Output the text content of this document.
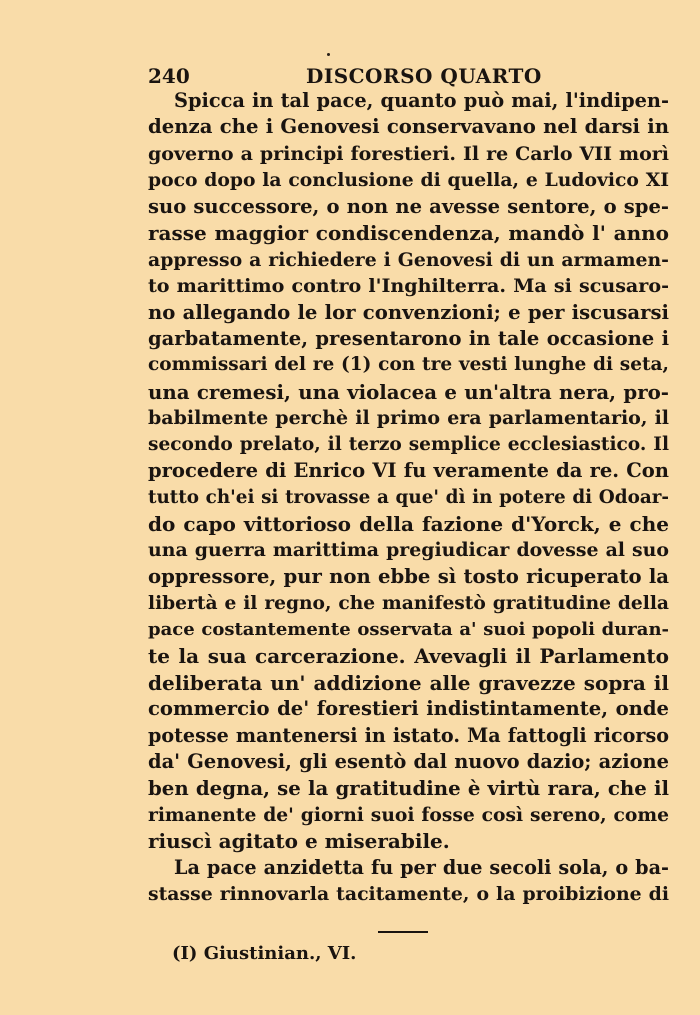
240	DISCORSO QUARTO
Spicca in tal pace, quanto può mai, l'indipen-
denza che i Genovesi conservavano nel darsi in
governo a principi forestieri. Il re Carlo VII morì
poco dopo la conclusione di quella, e Ludovico XI
suo successore, o non ne avesse sentore, o spe-
rasse maggior condiscendenza, mandò l' anno
appresso a richiedere i Genovesi di un armamen-
to marittimo contro l'Inghilterra. Ma si scusaro-
no allegando le lor convenzioni; e per iscusarsi
garbatamente, presentarono in tale occasione i
commissari del re (1) con tre vesti lunghe di seta,
una cremesi, una violacea e un'altra nera, pro-
babilmente perchè il primo era parlamentario, il
secondo prelato, il terzo semplice ecclesiastico. Il
procedere di Enrico VI fu veramente da re. Con
tutto ch'ei si trovasse a que' dì in potere di Odoar-
do capo vittorioso della fazione d'Yorck, e che
una guerra marittima pregiudicar dovesse al suo
oppressore, pur non ebbe sì tosto ricuperato la
libertà e il regno, che manifestò gratitudine della
pace costantemente osservata a' suoi popoli duran-
te la sua carcerazione. Avevagli il Parlamento
deliberata un' addizione alle gravezze sopra il
commercio de' forestieri indistintamente, onde
potesse mantenersi in istato. Ma fattogli ricorso
da' Genovesi, gli esentò dal nuovo dazio; azione
ben degna, se la gratitudine è virtù rara, che il
rimanente de' giorni suoi fosse così sereno, come
riuscì agitato e miserabile.
La pace anzidetta fu per due secoli sola, o ba-
stasse rinnovarla tacitamente, o la proibizione di
(I) Giustinian., VI.
